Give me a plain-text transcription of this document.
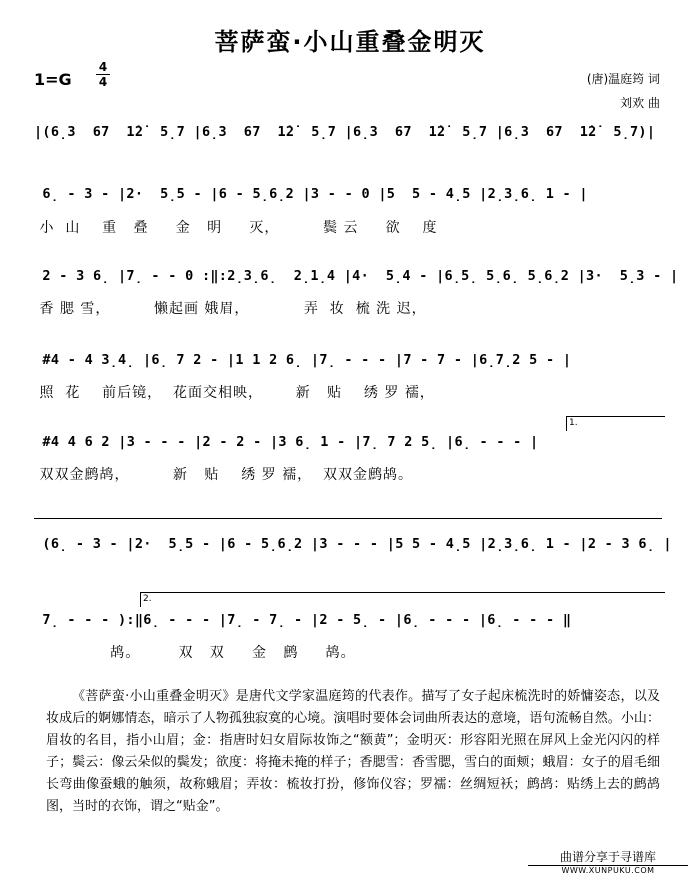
菩萨蛮·小山重叠金明灭
$1=G \frac{4}{4}$	(唐)温庭筠 词
刘欢 曲
|(6̣3  67  1̇2̇  5̣7 |6̣3  67  1̇2̇  5̣7 |6̣3  67  1̇2̇  5̣7 |6̣3  67  1̇2̇  5̣7)|
6̣ - 3 - |2·  5̣5 - |6 - 5̣6̣2 |3 - - 0 |5  5 - 4̣5 |2̣3̣6̣ 1 - |
小  山    重   叠     金   明     灭，        鬓 云     欲    度
2 - 3 6̣ |7̣ - - 0 :‖:2̣3̣6̣  2̣1̣4 |4·  5̣4 - |6̣5̣ 5̣6̣ 5̣6̣2 |3·  5̣3 - |
香 腮 雪，        懒起画 娥眉，          弄  妆  梳 洗 迟，
#4 - 4 3̣4̣ |6̣ 7 2 - |1 1 2 6̣ |7̣ - - - |7 - 7 - |6̣7̣2 5 - |
照  花    前后镜，  花面交相映，      新   贴    绣 罗 襦，
1.
#4 4 6 2 |3 - - - |2 - 2 - |3 6̣ 1 - |7̣ 7 2 5̣ |6̣ - - - |
双双金鹧鸪，        新   贴    绣 罗 襦，  双双金鹧鸪。
(6̣ - 3 - |2·  5̣5 - |6 - 5̣6̣2 |3 - - - |5 5 - 4̣5 |2̣3̣6̣ 1 - |2 - 3 6̣ |
2.
7̣ - - - ):‖6̣ - - - |7̣ - 7̣ - |2 - 5̣ - |6̣ - - - |6̣ - - - ‖
鸪。       双   双     金   鹧     鸪。
《菩萨蛮·小山重叠金明灭》是唐代文学家温庭筠的代表作。描写了女子起床梳洗时的娇慵姿态，以及妆成后的婀娜情态，暗示了人物孤独寂寞的心境。演唱时要体会词曲所表达的意境，语句流畅自然。小山：眉妆的名目，指小山眉；金：指唐时妇女眉际妆饰之“额黄”；金明灭：形容阳光照在屏风上金光闪闪的样子；鬓云：像云朵似的鬓发；欲度：将掩未掩的样子；香腮雪：香雪腮，雪白的面颊；蛾眉：女子的眉毛细长弯曲像蚕蛾的触须，故称蛾眉；弄妆：梳妆打扮，修饰仪容；罗襦：丝绸短袄；鹧鸪：贴绣上去的鹧鸪图，当时的衣饰，谓之“贴金”。
曲谱分享于寻谱库
WWW.XUNPUKU.COM
